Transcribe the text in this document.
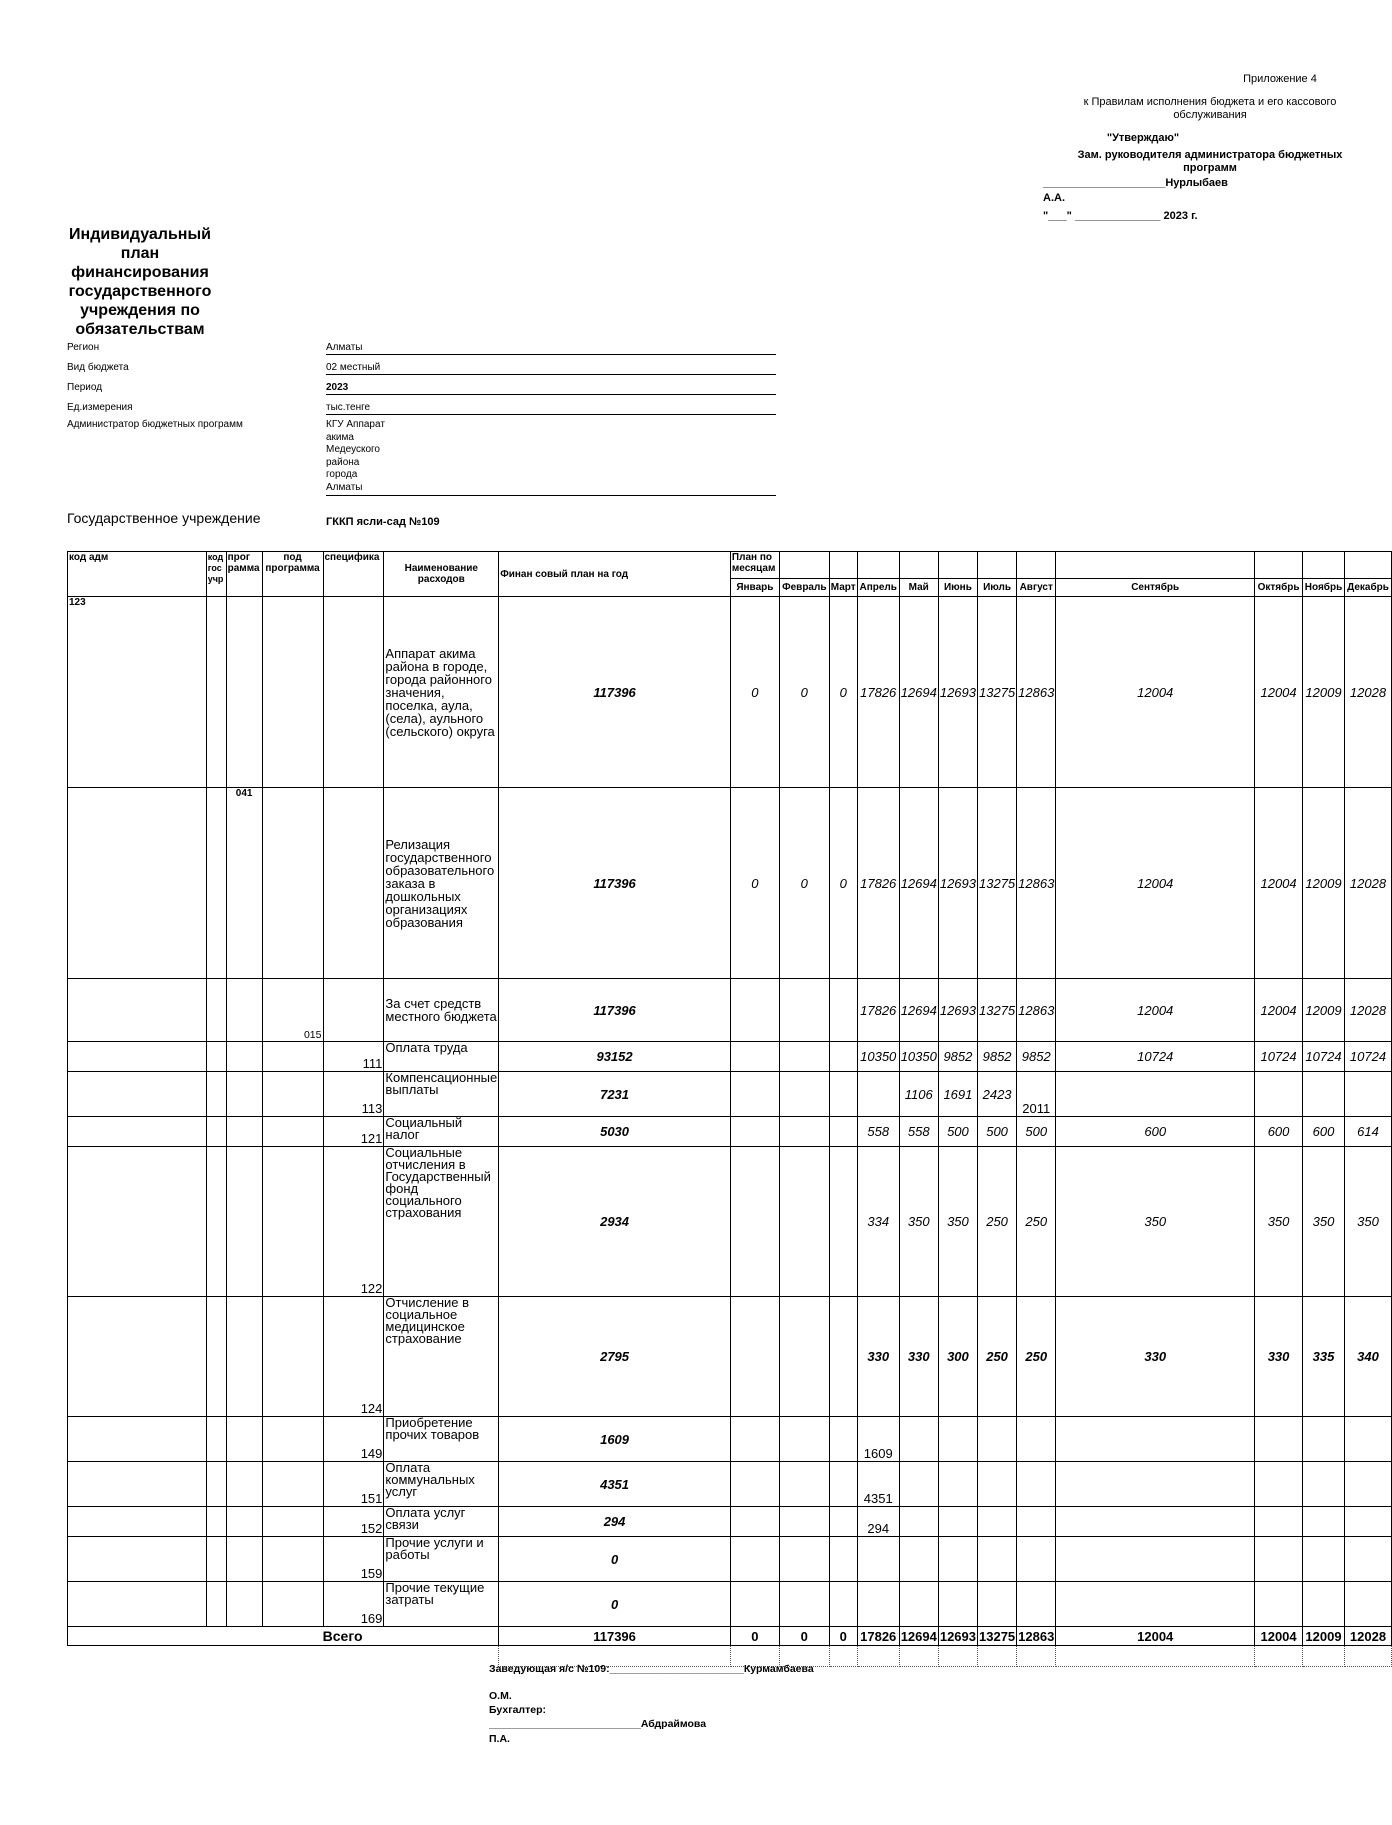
Приложение 4
к Правилам исполнения бюджета и его кассового обслуживания
"Утверждаю"
Зам. руководителя администратора бюджетных программ
____________________Нурлыбаев
А.А.
"___" ______________ 2023 г.
Индивидуальный план финансирования государственного учреждения по обязательствам
Регион	Алматы
Вид бюджета	02 местный
Период	2023
Ед.измерения	тыс.тенге
Администратор бюджетных программ	КГУ Аппарат акима Медеуского района города Алматы
Государственное учреждение	ГККП ясли-сад №109
код адм	код гос учр	прог рамма	под программа	специфика	Наименование расходов	Финан совый план на год	План по месяцам											
							Январь	Февраль	Март	Апрель	Май	Июнь	Июль	Август	Сентябрь	Октябрь	Ноябрь	Декабрь
123					Аппарат акима района в городе, города районного значения, поселка, аула, (села), аульного (сельского) округа	117396	0	0	0	17826	12694	12693	13275	12863	12004	12004	12009	12028
		041			Релизация государственного образовательного заказа в дошкольных организациях образования	117396	0	0	0	17826	12694	12693	13275	12863	12004	12004	12009	12028
			015		За счет средств местного бюджета	117396				17826	12694	12693	13275	12863	12004	12004	12009	12028
				111	Оплата труда	93152				10350	10350	9852	9852	9852	10724	10724	10724	10724
				113	Компенсационные выплаты	7231					1106	1691	2423	2011				
				121	Социальный налог	5030				558	558	500	500	500	600	600	600	614
				122	Социальные отчисления в Государственный фонд социального страхования	2934				334	350	350	250	250	350	350	350	350
				124	Отчисление в социальное медицинское страхование	2795				330	330	300	250	250	330	330	335	340
				149	Приобретение прочих товаров	1609				1609								
				151	Оплата коммунальных услуг	4351				4351								
				152	Оплата услуг связи	294				294								
				159	Прочие услуги и работы	0												
				169	Прочие текущие затраты	0												
Всего						117396	0	0	0	17826	12694	12693	13275	12863	12004	12004	12009	12028

Заведующая я/с №109:_______________________Курмамбаева
О.М.
Бухгалтер:
__________________________Абдраймова
П.А.
